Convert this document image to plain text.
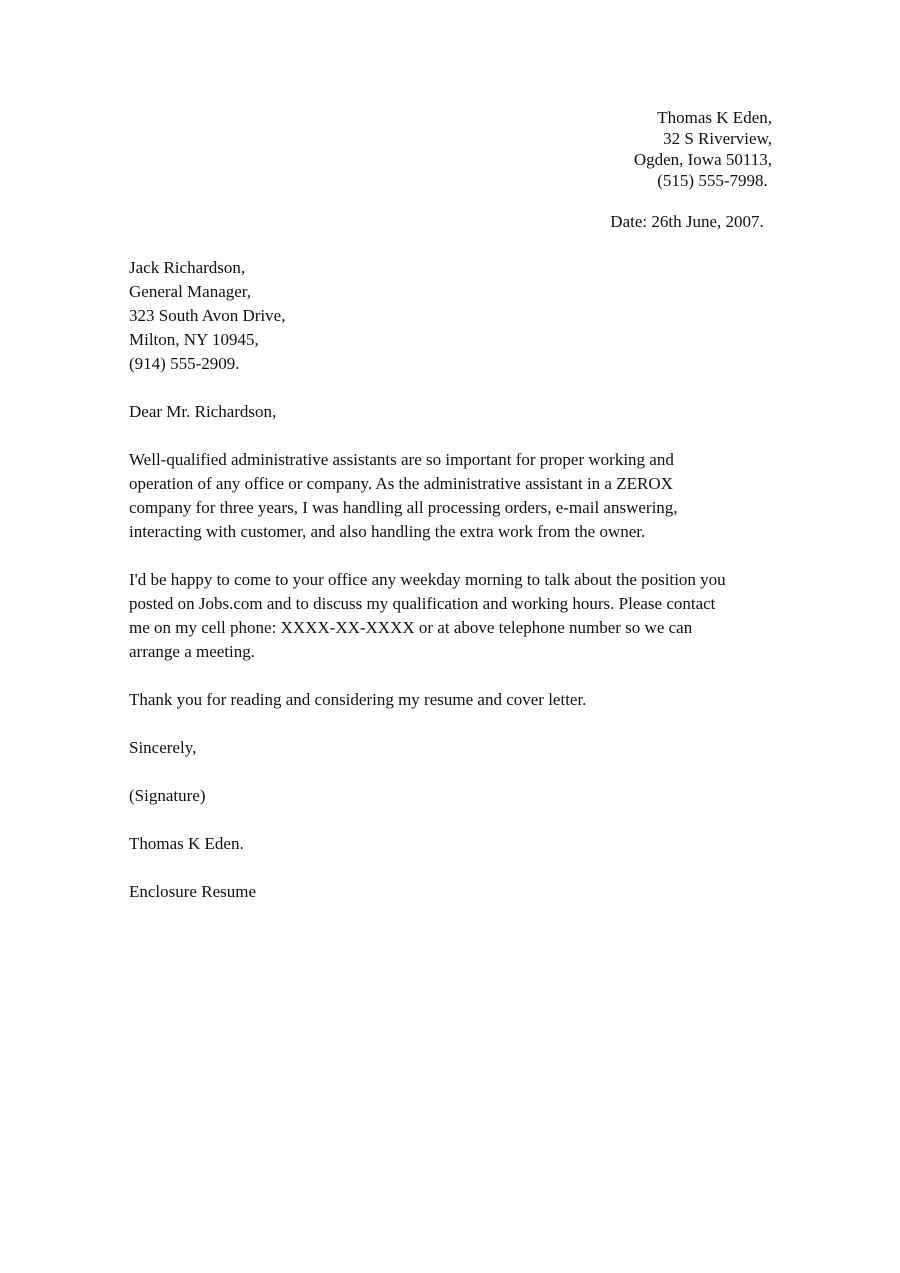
Thomas K Eden,
32 S Riverview,
Ogden, Iowa 50113,
(515) 555-7998.
Date: 26th June, 2007.
Jack Richardson,
General Manager,
323 South Avon Drive,
Milton, NY 10945,
(914) 555-2909.
Dear Mr. Richardson,
Well-qualified administrative assistants are so important for proper working and
operation of any office or company. As the administrative assistant in a ZEROX
company for three years, I was handling all processing orders, e-mail answering,
interacting with customer, and also handling the extra work from the owner.
I'd be happy to come to your office any weekday morning to talk about the position you
posted on Jobs.com and to discuss my qualification and working hours. Please contact
me on my cell phone: XXXX-XX-XXXX or at above telephone number so we can
arrange a meeting.
Thank you for reading and considering my resume and cover letter.
Sincerely,
(Signature)
Thomas K Eden.
Enclosure Resume
